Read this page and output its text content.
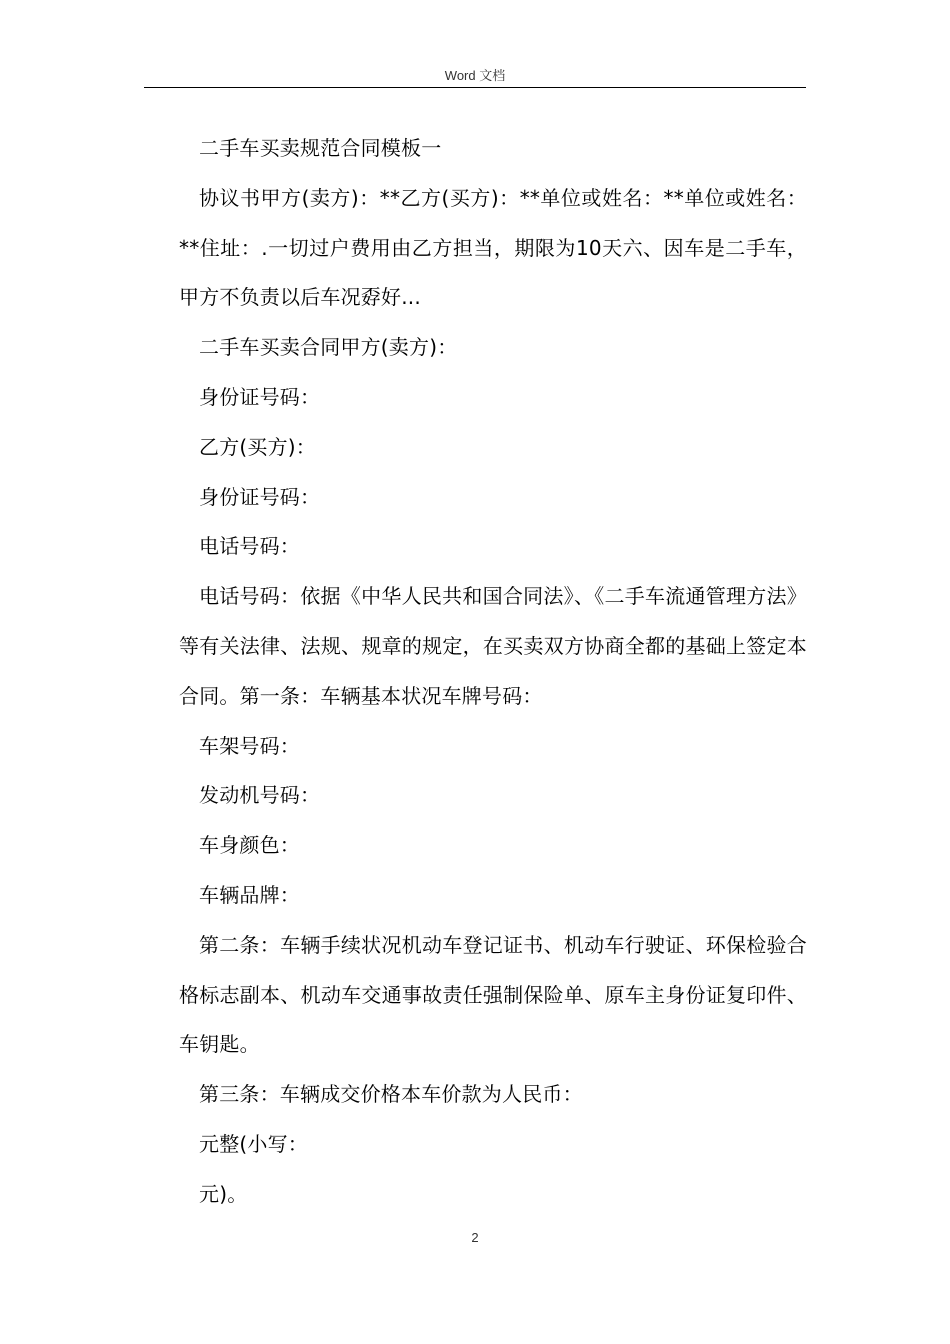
Word 文档

二手车买卖规范合同模板一

协议书甲方(卖方)：**乙方(买方)：**单位或姓名：**单位或姓名：**住址：.一切过户费用由乙方担当，期限为10天六、因车是二手车，甲方不负责以后车况孬好...

二手车买卖合同甲方(卖方)：

身份证号码：

乙方(买方)：

身份证号码：

电话号码：

电话号码：依据《中华人民共和国合同法》、《二手车流通管理方法》等有关法律、法规、规章的规定，在买卖双方协商全都的基础上签定本合同。第一条：车辆基本状况车牌号码：

车架号码：

发动机号码：

车身颜色：

车辆品牌：

第二条：车辆手续状况机动车登记证书、机动车行驶证、环保检验合格标志副本、机动车交通事故责任强制保险单、原车主身份证复印件、车钥匙。

第三条：车辆成交价格本车价款为人民币：

元整(小写：

元)。

2
